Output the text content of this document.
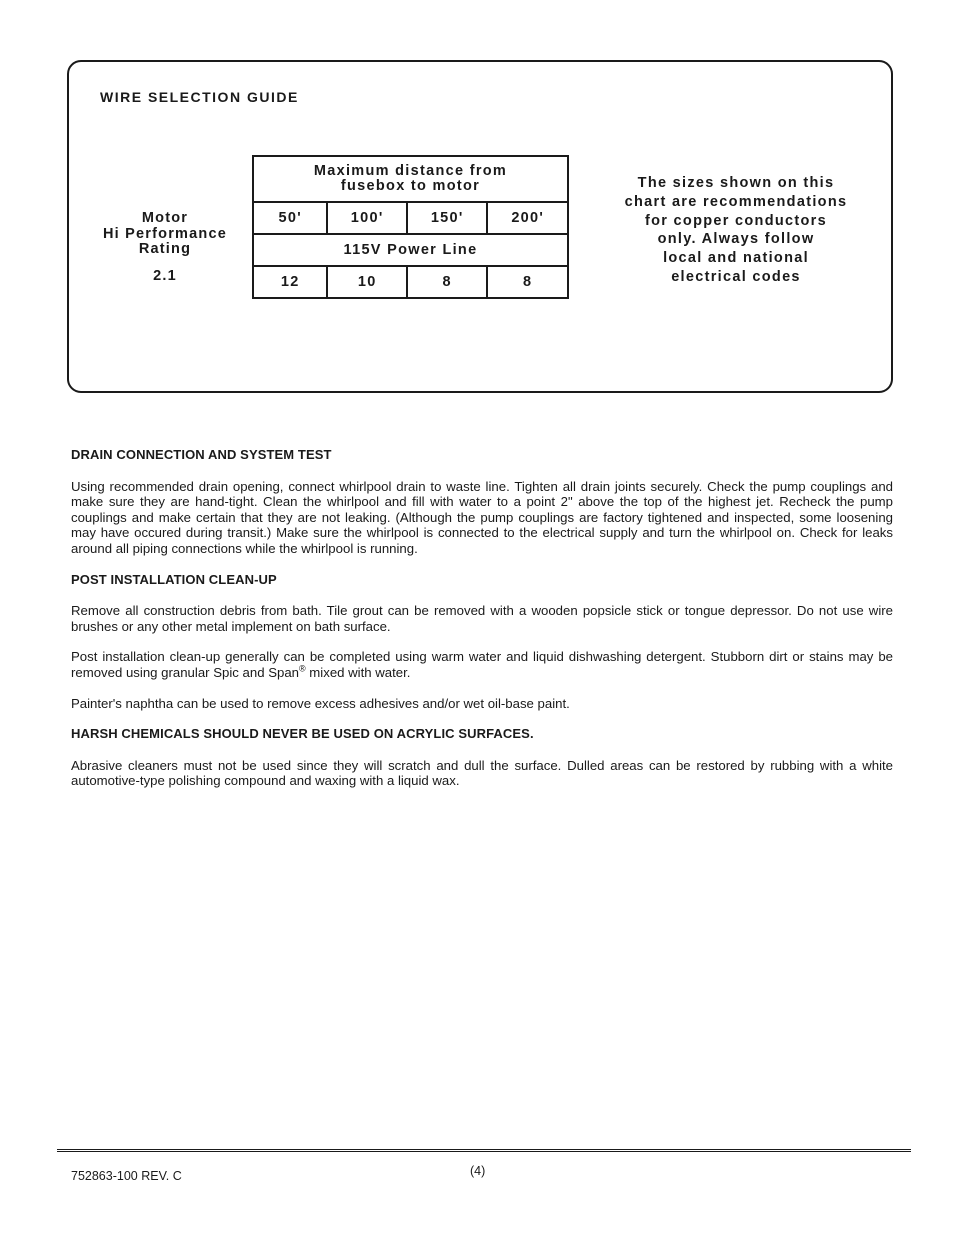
WIRE SELECTION GUIDE
Motor
Hi Performance
Rating
2.1
Maximum distance from
fusebox to motor			
50'	100'	150'	200'
115V Power Line			
12	10	8	8
The sizes shown on this
chart are recommendations
for copper conductors
only. Always follow
local and national
electrical codes
DRAIN CONNECTION AND SYSTEM TEST

Using recommended drain opening, connect whirlpool drain to waste line. Tighten all drain joints securely. Check the pump couplings and make sure they are hand-tight. Clean the whirlpool and fill with water to a point 2" above the top of the highest jet. Recheck the pump couplings and make certain that they are not leaking. (Although the pump couplings are factory tightened and inspected, some loosening may have occured during transit.) Make sure the whirlpool is connected to the electrical supply and turn the whirlpool on. Check for leaks around all piping connections while the whirlpool is running.

POST INSTALLATION CLEAN-UP

Remove all construction debris from bath. Tile grout can be removed with a wooden popsicle stick or tongue depressor. Do not use wire brushes or any other metal implement on bath surface.

Post installation clean-up generally can be completed using warm water and liquid dishwashing detergent. Stubborn dirt or stains may be removed using granular Spic and Span® mixed with water.

Painter's naphtha can be used to remove excess adhesives and/or wet oil-base paint.

HARSH CHEMICALS SHOULD NEVER BE USED ON ACRYLIC SURFACES.

Abrasive cleaners must not be used since they will scratch and dull the surface. Dulled areas can be restored by rubbing with a white automotive-type polishing compound and waxing with a liquid wax.

752863-100 REV. C	(4)
